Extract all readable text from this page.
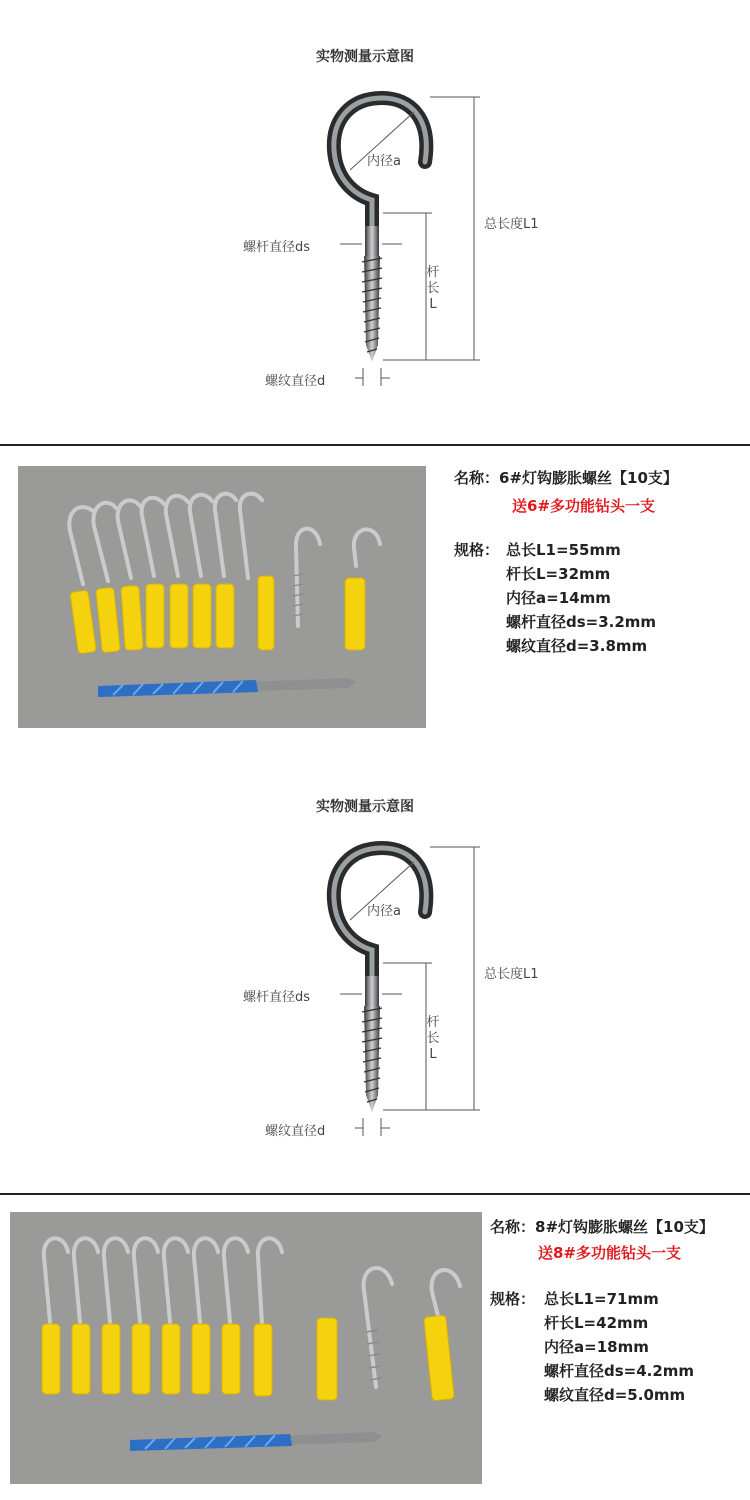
实物测量示意图
内径a
总长度L1
螺杆直径ds
杆
长
L
螺纹直径d
名称：6#灯钩膨胀螺丝【10支】
送6#多功能钻头一支
规格： 总长L1=55mm
杆长L=32mm
内径a=14mm
螺杆直径ds=3.2mm
螺纹直径d=3.8mm
实物测量示意图
内径a
总长度L1
螺杆直径ds
杆
长
L
螺纹直径d
名称：8#灯钩膨胀螺丝【10支】
送8#多功能钻头一支
规格： 总长L1=71mm
杆长L=42mm
内径a=18mm
螺杆直径ds=4.2mm
螺纹直径d=5.0mm
